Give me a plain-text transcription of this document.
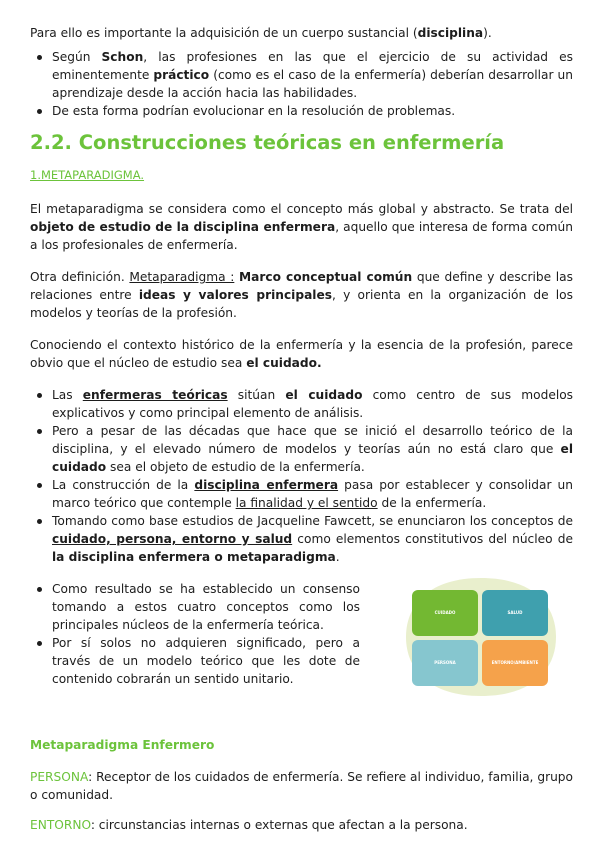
Para ello es importante la adquisición de un cuerpo sustancial (disciplina).

Según Schon, las profesiones en las que el ejercicio de su actividad es eminentemente práctico (como es el caso de la enfermería) deberían desarrollar un aprendizaje desde la acción hacia las habilidades.
De esta forma podrían evolucionar en la resolución de problemas.
2.2. Construcciones teóricas en enfermería
1.METAPARADIGMA.

El metaparadigma se considera como el concepto más global y abstracto. Se trata del objeto de estudio de la disciplina enfermera, aquello que interesa de forma común a los profesionales de enfermería.

Otra definición. Metaparadigma : Marco conceptual común que define y describe las relaciones entre ideas y valores principales, y orienta en la organización de los modelos y teorías de la profesión.

Conociendo el contexto histórico de la enfermería y la esencia de la profesión, parece obvio que el núcleo de estudio sea el cuidado.

Las enfermeras teóricas sitúan el cuidado como centro de sus modelos explicativos y como principal elemento de análisis.
Pero a pesar de las décadas que hace que se inició el desarrollo teórico de la disciplina, y el elevado número de modelos y teorías aún no está claro que el cuidado sea el objeto de estudio de la enfermería.
La construcción de la disciplina enfermera pasa por establecer y consolidar un marco teórico que contemple la finalidad y el sentido de la enfermería.
Tomando como base estudios de Jacqueline Fawcett, se enunciaron los conceptos de cuidado, persona, entorno y salud como elementos constitutivos del núcleo de la disciplina enfermera o metaparadigma.
Como resultado se ha establecido un consenso tomando a estos cuatro conceptos como los principales núcleos de la enfermería teórica.
Por sí solos no adquieren significado, pero a través de un modelo teórico que les dote de contenido cobrarán un sentido unitario.
CUIDADO	SALUD
PERSONA	ENTORNO/AMBIENTE
Metaparadigma Enfermero

PERSONA: Receptor de los cuidados de enfermería. Se refiere al individuo, familia, grupo o comunidad.

ENTORNO: circunstancias internas o externas que afectan a la persona.
